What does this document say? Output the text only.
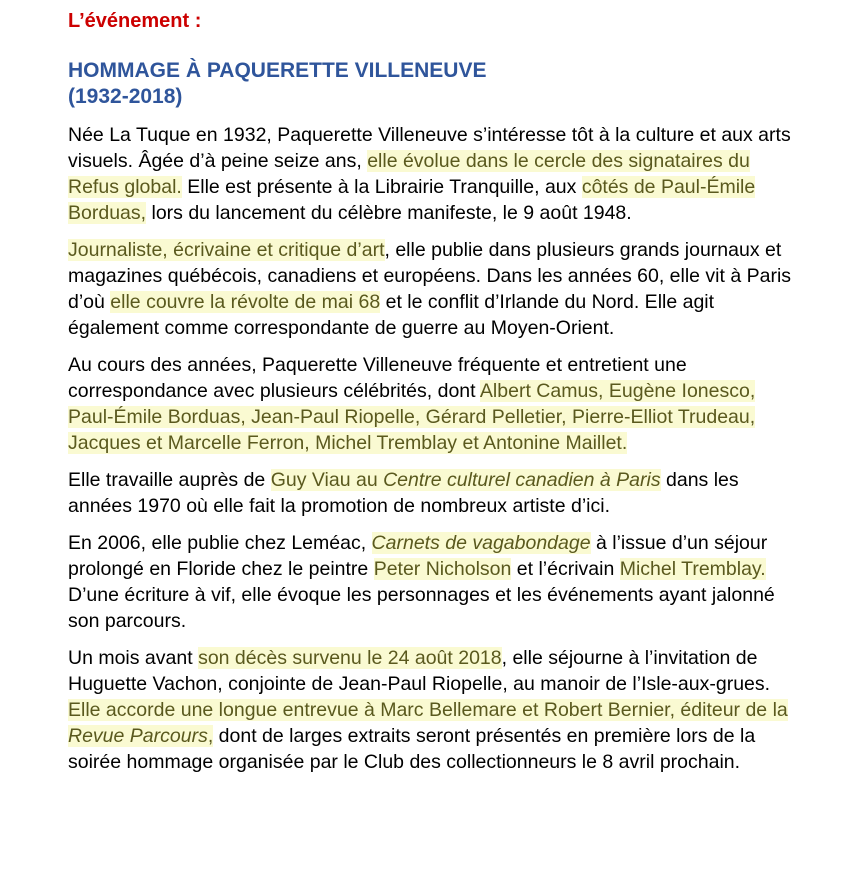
L’événement :
HOMMAGE À PAQUERETTE VILLENEUVE
(1932-2018)

Née La Tuque en 1932, Paquerette Villeneuve s’intéresse tôt à la culture et aux arts visuels. Âgée d’à peine seize ans, elle évolue dans le cercle des signataires du Refus global. Elle est présente à la Librairie Tranquille, aux côtés de Paul-Émile Borduas, lors du lancement du célèbre manifeste, le 9 août 1948.

Journaliste, écrivaine et critique d’art, elle publie dans plusieurs grands journaux et magazines québécois, canadiens et européens. Dans les années 60, elle vit à Paris d’où elle couvre la révolte de mai 68 et le conflit d’Irlande du Nord. Elle agit également comme correspondante de guerre au Moyen-Orient.

Au cours des années, Paquerette Villeneuve fréquente et entretient une correspondance avec plusieurs célébrités, dont Albert Camus, Eugène Ionesco, Paul-Émile Borduas, Jean-Paul Riopelle, Gérard Pelletier, Pierre-Elliot Trudeau, Jacques et Marcelle Ferron, Michel Tremblay et Antonine Maillet.

Elle travaille auprès de Guy Viau au Centre culturel canadien à Paris dans les années 1970 où elle fait la promotion de nombreux artiste d’ici.

En 2006, elle publie chez Leméac, Carnets de vagabondage à l’issue d’un séjour prolongé en Floride chez le peintre Peter Nicholson et l’écrivain Michel Tremblay. D’une écriture à vif, elle évoque les personnages et les événements ayant jalonné son parcours.

Un mois avant son décès survenu le 24 août 2018, elle séjourne à l’invitation de Huguette Vachon, conjointe de Jean-Paul Riopelle, au manoir de l’Isle-aux-grues. Elle accorde une longue entrevue à Marc Bellemare et Robert Bernier, éditeur de la Revue Parcours, dont de larges extraits seront présentés en première lors de la soirée hommage organisée par le Club des collectionneurs le 8 avril prochain.
